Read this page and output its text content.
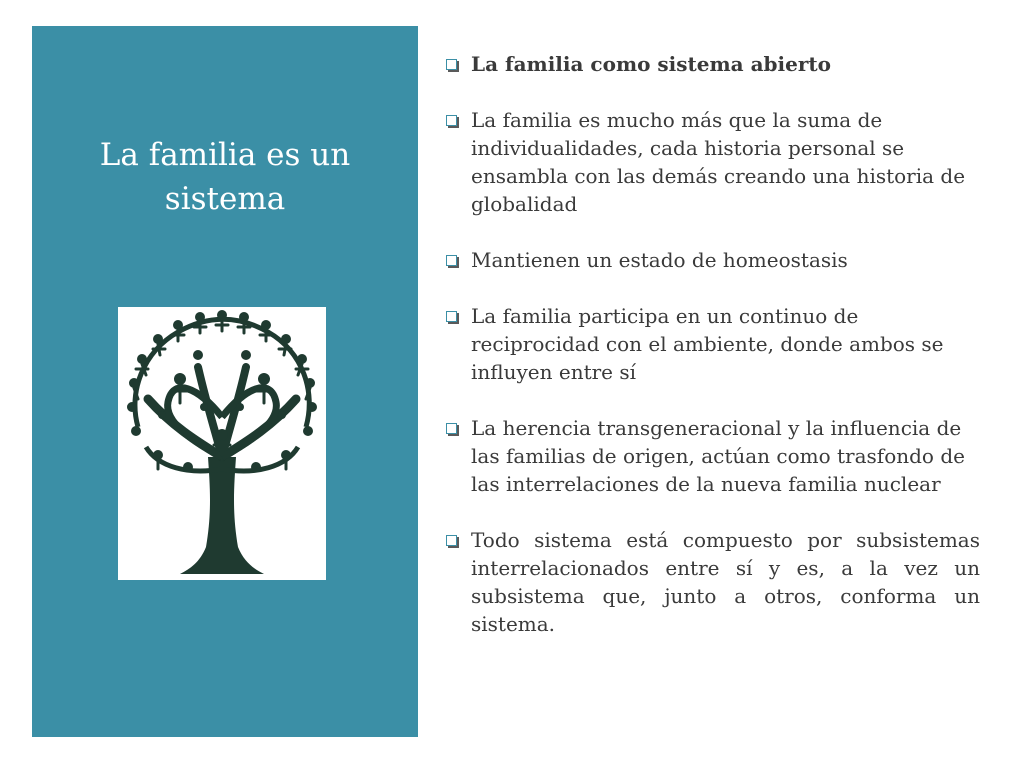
La familia es un
sistema
La familia como sistema abierto
La familia es mucho más que la suma de individualidades, cada historia personal se ensambla con las demás creando una historia de globalidad
Mantienen un estado de homeostasis
La familia participa en un continuo de reciprocidad con el ambiente, donde ambos se influyen entre sí
La herencia transgeneracional y la influencia de las familias de origen, actúan como trasfondo de las interrelaciones de la nueva familia nuclear
Todo sistema está compuesto por subsistemas interrelacionados entre sí y es, a la vez un subsistema que, junto a otros, conforma un sistema.
